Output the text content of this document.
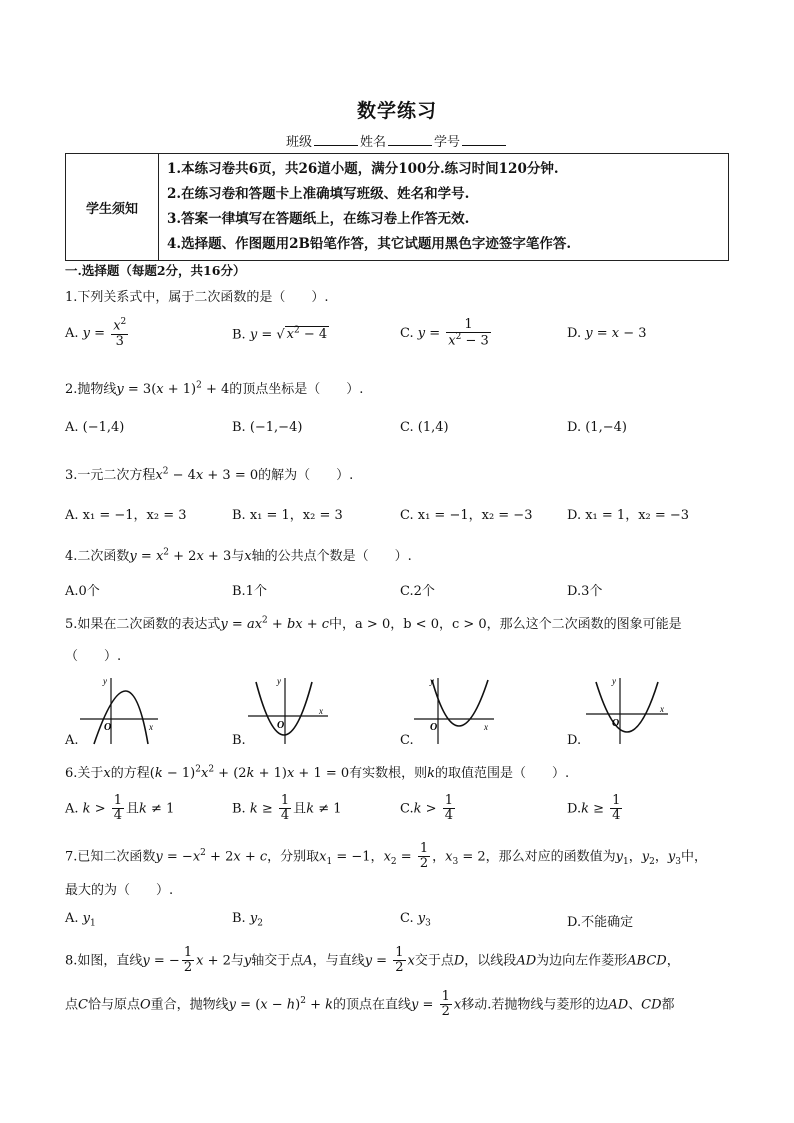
数学练习
班级	姓名	学号
学生须知	
1.本练习卷共6页，共26道小题，满分100分.练习时间120分钟.
2.在练习卷和答题卡上准确填写班级、姓名和学号.
3.答案一律填写在答题纸上，在练习卷上作答无效.
4.选择题、作图题用2B铅笔作答，其它试题用黑色字迹签字笔作答.
一.选择题（每题2分，共16分）
1.下列关系式中，属于二次函数的是（　　）.
A. $y = \frac{x^2}{3}$	B. y = √ $x^2 - 4$	C. $y = \frac{1}{x^2 - 3}$	D. y = x − 3
2.抛物线$y = 3(x + 1)^2 + 4$的顶点坐标是（　　）.
A. (−1,4)	B. (−1,−4)	C. (1,4)	D. (1,−4)
3.一元二次方程$x^2 - 4x + 3 = 0$的解为（　　）.
A. x₁ = −1，x₂ = 3	B. x₁ = 1，x₂ = 3	C. x₁ = −1，x₂ = −3	D. x₁ = 1，x₂ = −3
4.二次函数$y = x^2 + 2x + 3$与x轴的公共点个数是（　　）.
A.0个	B.1个	C.2个	D.3个
5.如果在二次函数的表达式$y = ax^2$ + bx + c中，a > 0，b < 0，c > 0，那么这个二次函数的图象可能是
（　　）.
O	x
y
O
x
y
O	x
y
O
x
y
A.	B.	C.	D.
6.关于x的方程$(k - 1)^2x^2 + (2k + 1)x + 1 = 0$有实数根，则k的取值范围是（　　）.
A. $k > \frac{1}{4}$ 且k ≠ 1	B. $k \ge \frac{1}{4}$ 且k ≠ 1	$C.k > \frac{1}{4}$	$D.k \ge \frac{1}{4}$
7.已知二次函数$y = -x^2 + 2x + c$，分别取$x_1 = -1$，$x_2 = \frac{1}{2}$ ，$x_3 = 2$，那么对应的函数值为$y_1$，$y_2$，$y_3$中，
最大的为（　　）.
A. $y_1$	B. $y_2$	C. $y_3$	D.不能确定
8.如图，直线y = − $\frac{1}{2}$ x + 2与y轴交于点A，与直线$y = \frac{1}{2}$ x交于点D，以线段AD为边向左作菱形ABCD，
点C恰与原点O重合，抛物线$y = (x - h)^2 + k$的顶点在直线$y = \frac{1}{2}$ x移动.若抛物线与菱形的边AD、CD都
